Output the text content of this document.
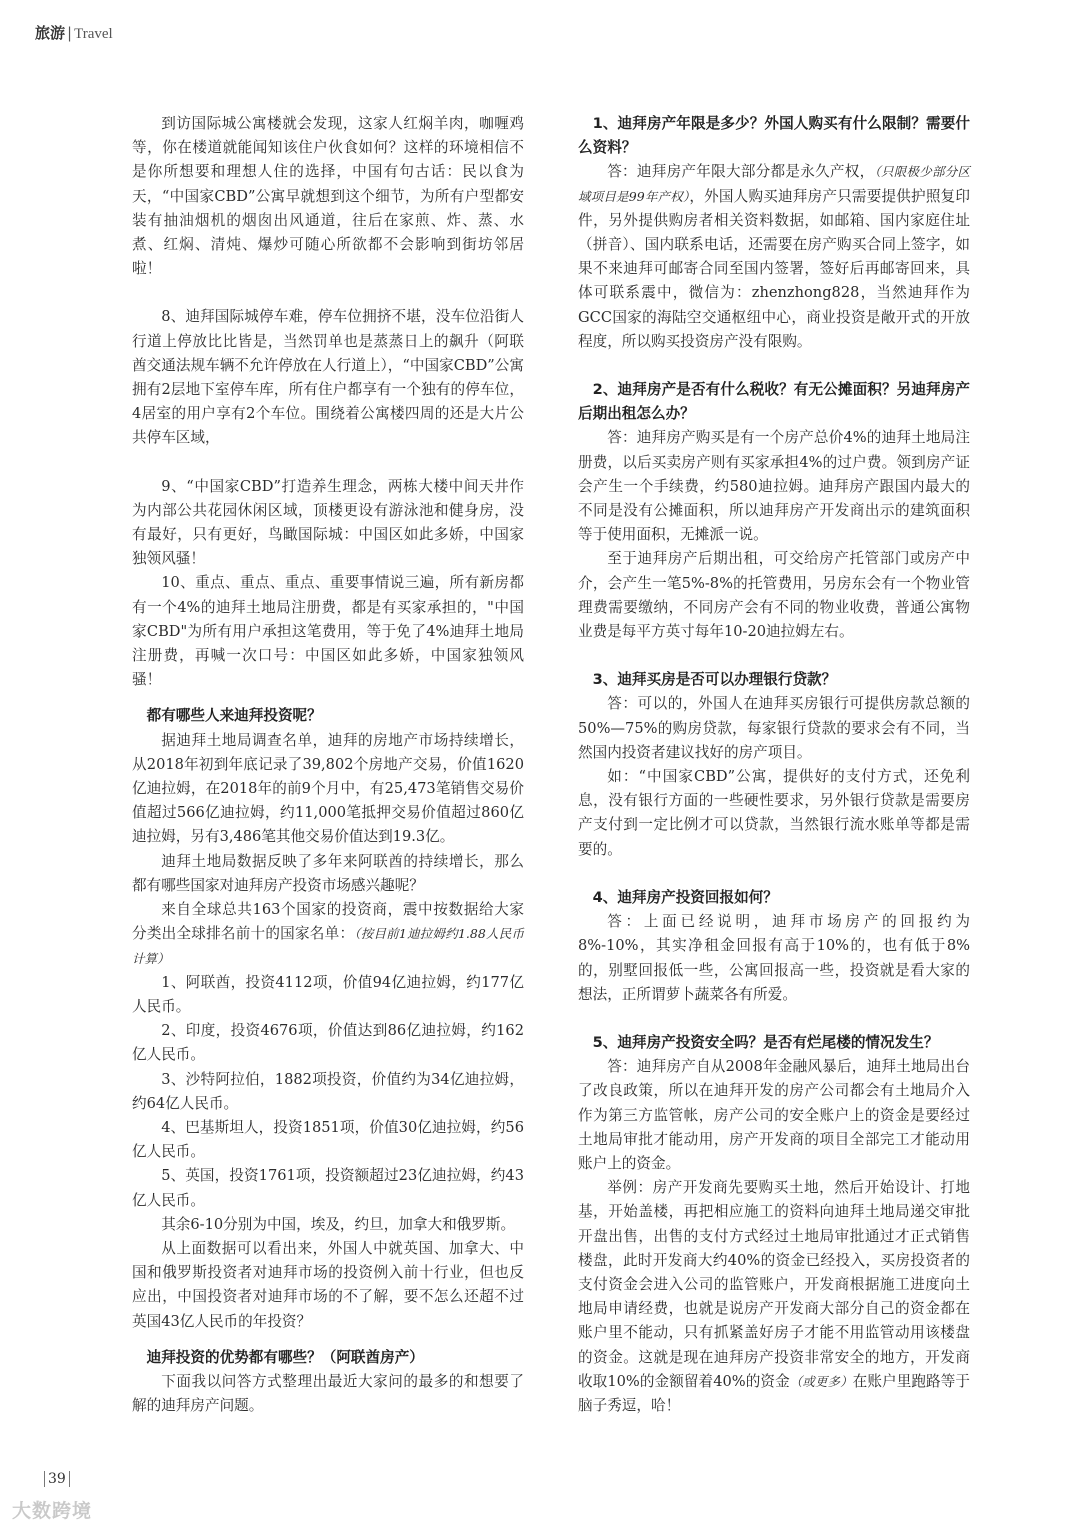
旅游 | Travel

到访国际城公寓楼就会发现，这家人红焖羊肉，咖喱鸡等，你在楼道就能闻知该住户伙食如何？这样的环境相信不是你所想要和理想人住的选择，中国有句古话：民以食为天，“中国家CBD”公寓早就想到这个细节，为所有户型都安装有抽油烟机的烟囱出风通道，往后在家煎、炸、蒸、水煮、红焖、清炖、爆炒可随心所欲都不会影响到街坊邻居啦！

8、迪拜国际城停车难，停车位拥挤不堪，没车位沿街人行道上停放比比皆是，当然罚单也是蒸蒸日上的飙升（阿联酋交通法规车辆不允许停放在人行道上），“中国家CBD”公寓拥有2层地下室停车库，所有住户都享有一个独有的停车位，4居室的用户享有2个车位。围绕着公寓楼四周的还是大片公共停车区域，

9、“中国家CBD”打造养生理念，两栋大楼中间天井作为内部公共花园休闲区域，顶楼更设有游泳池和健身房，没有最好，只有更好，鸟瞰国际城：中国区如此多娇，中国家独领风骚！

10、重点、重点、重点、重要事情说三遍，所有新房都有一个4%的迪拜土地局注册费，都是有买家承担的，"中国家CBD"为所有用户承担这笔费用，等于免了4%迪拜土地局注册费，再喊一次口号：中国区如此多娇，中国家独领风骚！

都有哪些人来迪拜投资呢？

据迪拜土地局调查名单，迪拜的房地产市场持续增长，从2018年初到年底记录了39,802个房地产交易，价值1620亿迪拉姆，在2018年的前9个月中，有25,473笔销售交易价值超过566亿迪拉姆，约11,000笔抵押交易价值超过860亿迪拉姆，另有3,486笔其他交易价值达到19.3亿。

迪拜土地局数据反映了多年来阿联酋的持续增长，那么都有哪些国家对迪拜房产投资市场感兴趣呢？

来自全球总共163个国家的投资商，震中按数据给大家分类出全球排名前十的国家名单：（按目前1迪拉姆约1.88人民币计算）

1、阿联酋，投资4112项，价值94亿迪拉姆，约177亿人民币。

2、印度，投资4676项，价值达到86亿迪拉姆，约162亿人民币。

3、沙特阿拉伯，1882项投资，价值约为34亿迪拉姆，约64亿人民币。

4、巴基斯坦人，投资1851项，价值30亿迪拉姆，约56亿人民币。

5、英国，投资1761项，投资额超过23亿迪拉姆，约43亿人民币。

其余6-10分别为中国，埃及，约旦，加拿大和俄罗斯。

从上面数据可以看出来，外国人中就英国、加拿大、中国和俄罗斯投资者对迪拜市场的投资例入前十行业，但也反应出，中国投资者对迪拜市场的不了解，要不怎么还超不过英国43亿人民币的年投资？

迪拜投资的优势都有哪些？（阿联酋房产）

下面我以问答方式整理出最近大家问的最多的和想要了解的迪拜房产问题。

1、迪拜房产年限是多少？外国人购买有什么限制？需要什么资料？

答：迪拜房产年限大部分都是永久产权，（只限极少部分区域项目是99年产权），外国人购买迪拜房产只需要提供护照复印件，另外提供购房者相关资料数据，如邮箱、国内家庭住址（拼音）、国内联系电话，还需要在房产购买合同上签字，如果不来迪拜可邮寄合同至国内签署，签好后再邮寄回来，具体可联系震中，微信为：zhenzhong828，当然迪拜作为GCC国家的海陆空交通枢纽中心，商业投资是敞开式的开放程度，所以购买投资房产没有限购。

2、迪拜房产是否有什么税收？有无公摊面积？另迪拜房产后期出租怎么办？

答：迪拜房产购买是有一个房产总价4%的迪拜土地局注册费，以后买卖房产则有买家承担4%的过户费。领到房产证会产生一个手续费，约580迪拉姆。迪拜房产跟国内最大的不同是没有公摊面积，所以迪拜房产开发商出示的建筑面积等于使用面积，无摊派一说。

至于迪拜房产后期出租，可交给房产托管部门或房产中介，会产生一笔5%-8%的托管费用，另房东会有一个物业管理费需要缴纳，不同房产会有不同的物业收费，普通公寓物业费是每平方英寸每年10-20迪拉姆左右。

3、迪拜买房是否可以办理银行贷款？

答：可以的，外国人在迪拜买房银行可提供房款总额的50%—75%的购房贷款，每家银行贷款的要求会有不同，当然国内投资者建议找好的房产项目。

如：“中国家CBD”公寓，提供好的支付方式，还免利息，没有银行方面的一些硬性要求，另外银行贷款是需要房产支付到一定比例才可以贷款，当然银行流水账单等都是需要的。

4、迪拜房产投资回报如何？

答：上面已经说明，迪拜市场房产的回报约为8%-10%，其实净租金回报有高于10%的，也有低于8%的，别墅回报低一些，公寓回报高一些，投资就是看大家的想法，正所谓萝卜蔬菜各有所爱。

5、迪拜房产投资安全吗？是否有烂尾楼的情况发生？

答：迪拜房产自从2008年金融风暴后，迪拜土地局出台了改良政策，所以在迪拜开发的房产公司都会有土地局介入作为第三方监管帐，房产公司的安全账户上的资金是要经过土地局审批才能动用，房产开发商的项目全部完工才能动用账户上的资金。

举例：房产开发商先要购买土地，然后开始设计、打地基，开始盖楼，再把相应施工的资料向迪拜土地局递交审批开盘出售，出售的支付方式经过土地局审批通过才正式销售楼盘，此时开发商大约40%的资金已经投入，买房投资者的支付资金会进入公司的监管账户，开发商根据施工进度向土地局申请经费，也就是说房产开发商大部分自己的资金都在账户里不能动，只有抓紧盖好房子才能不用监管动用该楼盘的资金。这就是现在迪拜房产投资非常安全的地方，开发商收取10%的金额留着40%的资金（或更多）在账户里跑路等于脑子秀逗，哈！

39
大数跨境
